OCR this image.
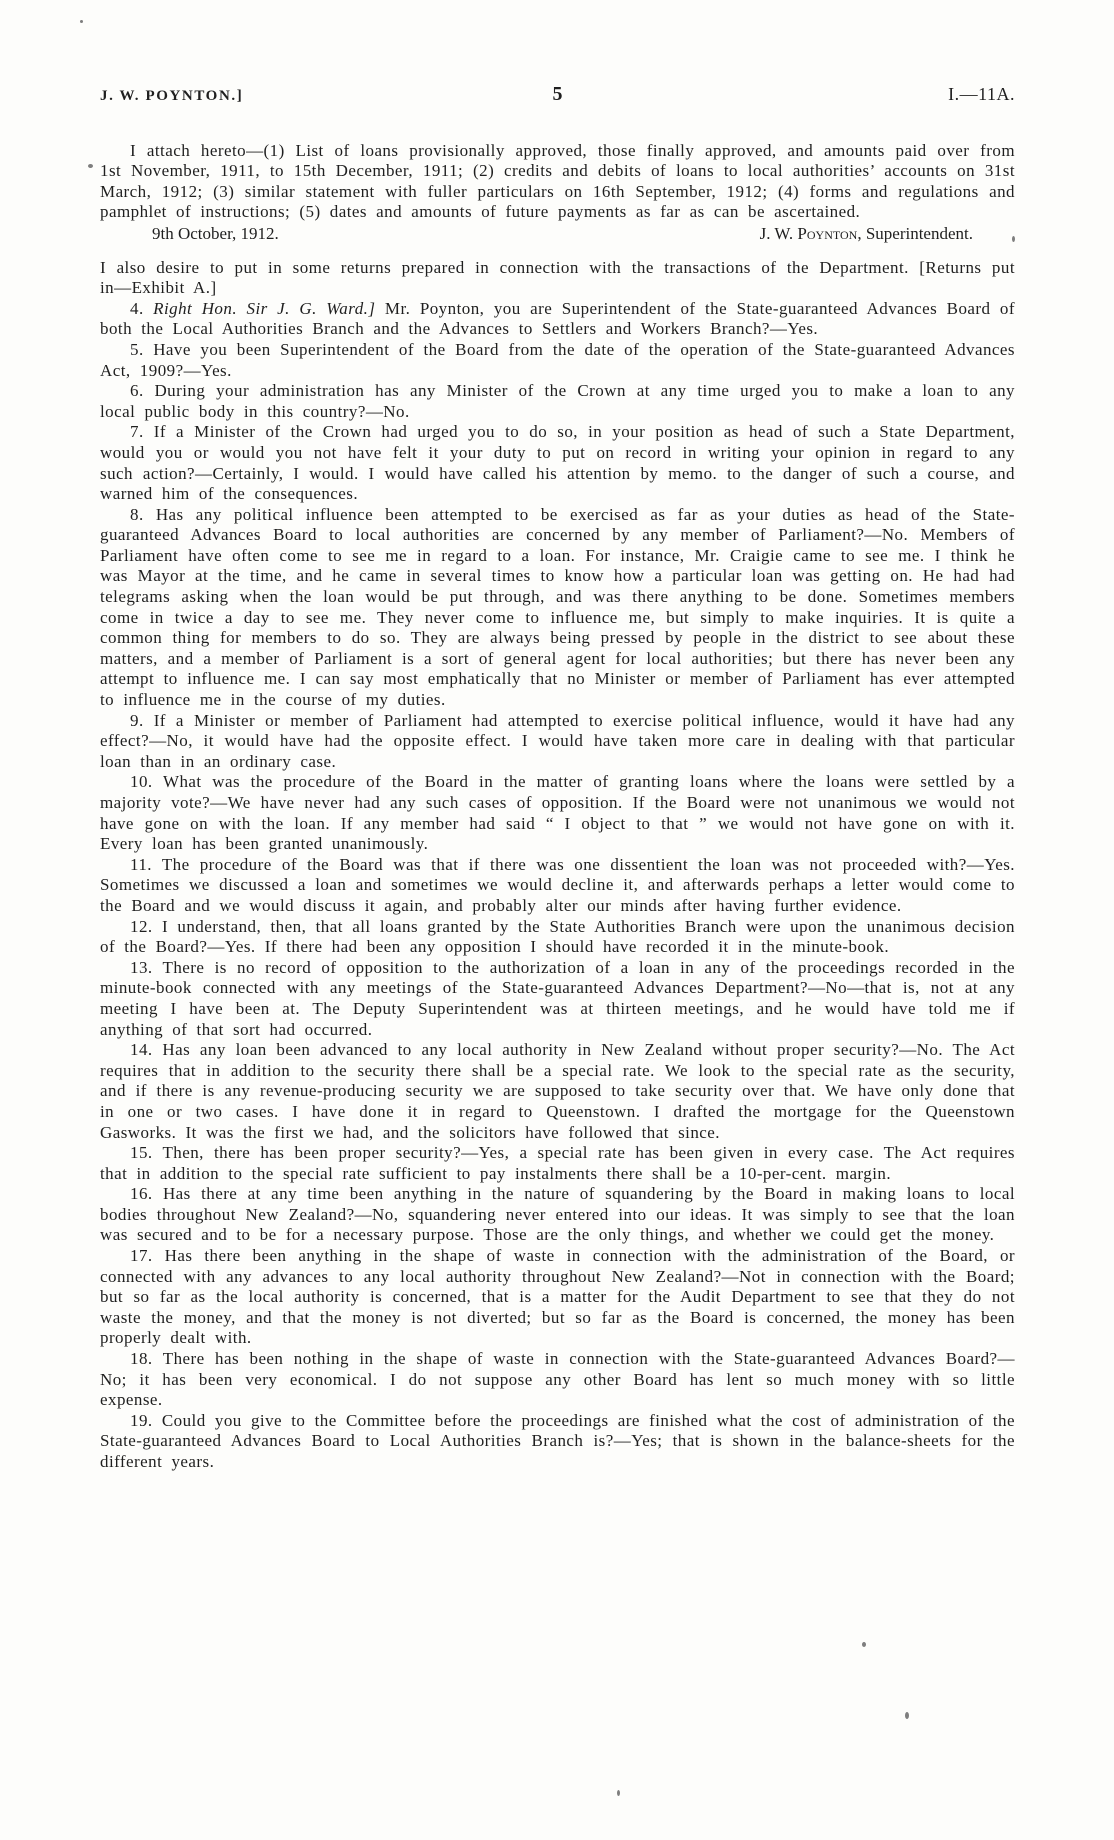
J. W. POYNTON.]	5	I.—11A.

I attach hereto—(1) List of loans provisionally approved, those finally approved, and amounts paid over from 1st November, 1911, to 15th December, 1911; (2) credits and debits of loans to local authorities’ accounts on 31st March, 1912; (3) similar statement with fuller particulars on 16th September, 1912; (4) forms and regulations and pamphlet of instructions; (5) dates and amounts of future payments as far as can be ascertained.

9th October, 1912.	J. W. Poynton, Superintendent.

I also desire to put in some returns prepared in connection with the transactions of the Department. [Returns put in—Exhibit A.]

4. Right Hon. Sir J. G. Ward.] Mr. Poynton, you are Superintendent of the State-guaranteed Advances Board of both the Local Authorities Branch and the Advances to Settlers and Workers Branch?—Yes.

5. Have you been Superintendent of the Board from the date of the operation of the State-guaranteed Advances Act, 1909?—Yes.

6. During your administration has any Minister of the Crown at any time urged you to make a loan to any local public body in this country?—No.

7. If a Minister of the Crown had urged you to do so, in your position as head of such a State Department, would you or would you not have felt it your duty to put on record in writing your opinion in regard to any such action?—Certainly, I would. I would have called his attention by memo. to the danger of such a course, and warned him of the consequences.

8. Has any political influence been attempted to be exercised as far as your duties as head of the State-guaranteed Advances Board to local authorities are concerned by any member of Parliament?—No. Members of Parliament have often come to see me in regard to a loan. For instance, Mr. Craigie came to see me. I think he was Mayor at the time, and he came in several times to know how a particular loan was getting on. He had had telegrams asking when the loan would be put through, and was there anything to be done. Sometimes members come in twice a day to see me. They never come to influence me, but simply to make inquiries. It is quite a common thing for members to do so. They are always being pressed by people in the district to see about these matters, and a member of Parliament is a sort of general agent for local authorities; but there has never been any attempt to influence me. I can say most emphatically that no Minister or member of Parliament has ever attempted to influence me in the course of my duties.

9. If a Minister or member of Parliament had attempted to exercise political influence, would it have had any effect?—No, it would have had the opposite effect. I would have taken more care in dealing with that particular loan than in an ordinary case.

10. What was the procedure of the Board in the matter of granting loans where the loans were settled by a majority vote?—We have never had any such cases of opposition. If the Board were not unanimous we would not have gone on with the loan. If any member had said “ I object to that ” we would not have gone on with it. Every loan has been granted unanimously.

11. The procedure of the Board was that if there was one dissentient the loan was not proceeded with?—Yes. Sometimes we discussed a loan and sometimes we would decline it, and afterwards perhaps a letter would come to the Board and we would discuss it again, and probably alter our minds after having further evidence.

12. I understand, then, that all loans granted by the State Authorities Branch were upon the unanimous decision of the Board?—Yes. If there had been any opposition I should have recorded it in the minute-book.

13. There is no record of opposition to the authorization of a loan in any of the proceedings recorded in the minute-book connected with any meetings of the State-guaranteed Advances Department?—No—that is, not at any meeting I have been at. The Deputy Superintendent was at thirteen meetings, and he would have told me if anything of that sort had occurred.

14. Has any loan been advanced to any local authority in New Zealand without proper security?—No. The Act requires that in addition to the security there shall be a special rate. We look to the special rate as the security, and if there is any revenue-producing security we are supposed to take security over that. We have only done that in one or two cases. I have done it in regard to Queenstown. I drafted the mortgage for the Queenstown Gasworks. It was the first we had, and the solicitors have followed that since.

15. Then, there has been proper security?—Yes, a special rate has been given in every case. The Act requires that in addition to the special rate sufficient to pay instalments there shall be a 10-per-cent. margin.

16. Has there at any time been anything in the nature of squandering by the Board in making loans to local bodies throughout New Zealand?—No, squandering never entered into our ideas. It was simply to see that the loan was secured and to be for a necessary purpose. Those are the only things, and whether we could get the money.

17. Has there been anything in the shape of waste in connection with the administration of the Board, or connected with any advances to any local authority throughout New Zealand?—Not in connection with the Board; but so far as the local authority is concerned, that is a matter for the Audit Department to see that they do not waste the money, and that the money is not diverted; but so far as the Board is concerned, the money has been properly dealt with.

18. There has been nothing in the shape of waste in connection with the State-guaranteed Advances Board?—No; it has been very economical. I do not suppose any other Board has lent so much money with so little expense.

19. Could you give to the Committee before the proceedings are finished what the cost of administration of the State-guaranteed Advances Board to Local Authorities Branch is?—Yes; that is shown in the balance-sheets for the different years.
